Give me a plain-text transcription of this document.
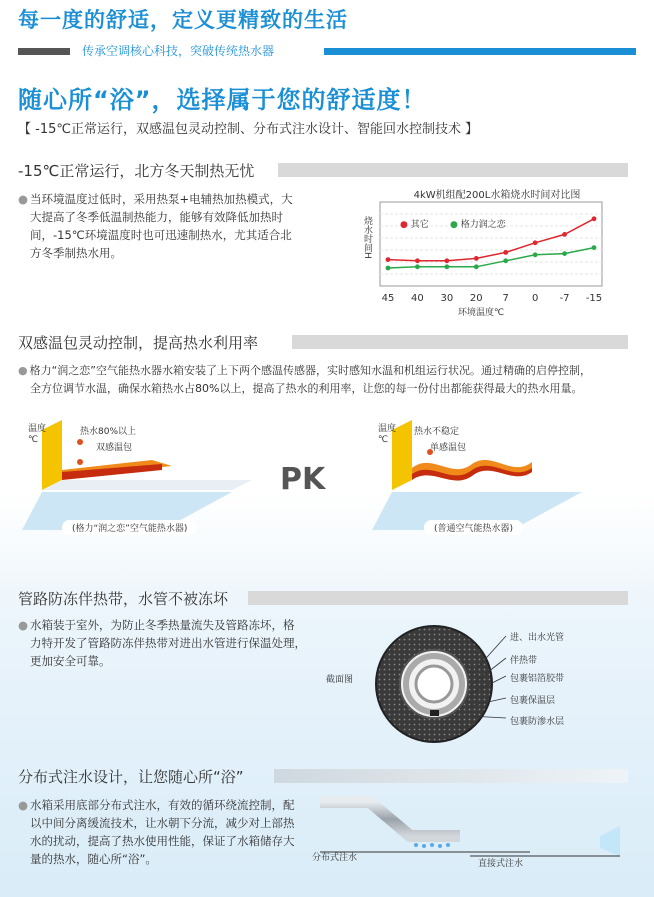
每一度的舒适，定义更精致的生活
传承空调核心科技，突破传统热水器
随心所“浴”，选择属于您的舒适度！
【 -15℃正常运行，双感温包灵动控制、分布式注水设计、智能回水控制技术 】
-15℃正常运行，北方冬天制热无忧
● 当环境温度过低时，采用热泵+电辅热加热模式，大
大提高了冬季低温制热能力，能够有效降低加热时
间，-15℃环境温度时也可迅速制热水，尤其适合北
方冬季制热水用。
4kW机组配200L水箱烧水时间对比图
45 40 30 20 7 0 -7 -15
● 其它 ● 格力润之恋
烧水时间H
环境温度℃
双感温包灵动控制，提高热水利用率
● 格力“润之恋”空气能热水器水箱安装了上下两个感温传感器，实时感知水温和机组运行状况。通过精确的启停控制，
全方位调节水温，确保水箱热水占80%以上，提高了热水的利用率，让您的每一份付出都能获得最大的热水用量。
温度
℃
热水80%以上
双感温包
(格力“润之恋”空气能热水器)
PK
温度
℃
热水不稳定
单感温包
(普通空气能热水器)
管路防冻伴热带，水管不被冻坏
● 水箱装于室外，为防止冬季热量流失及管路冻坏，格
力特开发了管路防冻伴热带对进出水管进行保温处理，
更加安全可靠。
截面图
进、出水光管
伴热带
包裹铝箔胶带
包裹保温层
包裹防渗水层
分布式注水设计，让您随心所“浴”
● 水箱采用底部分布式注水，有效的循环绕流控制，配
以中间分离缓流技术，让水朝下分流，减少对上部热
水的扰动，提高了热水使用性能，保证了水箱储存大
量的热水，随心所“浴”。	分布式注水
直接式注水
